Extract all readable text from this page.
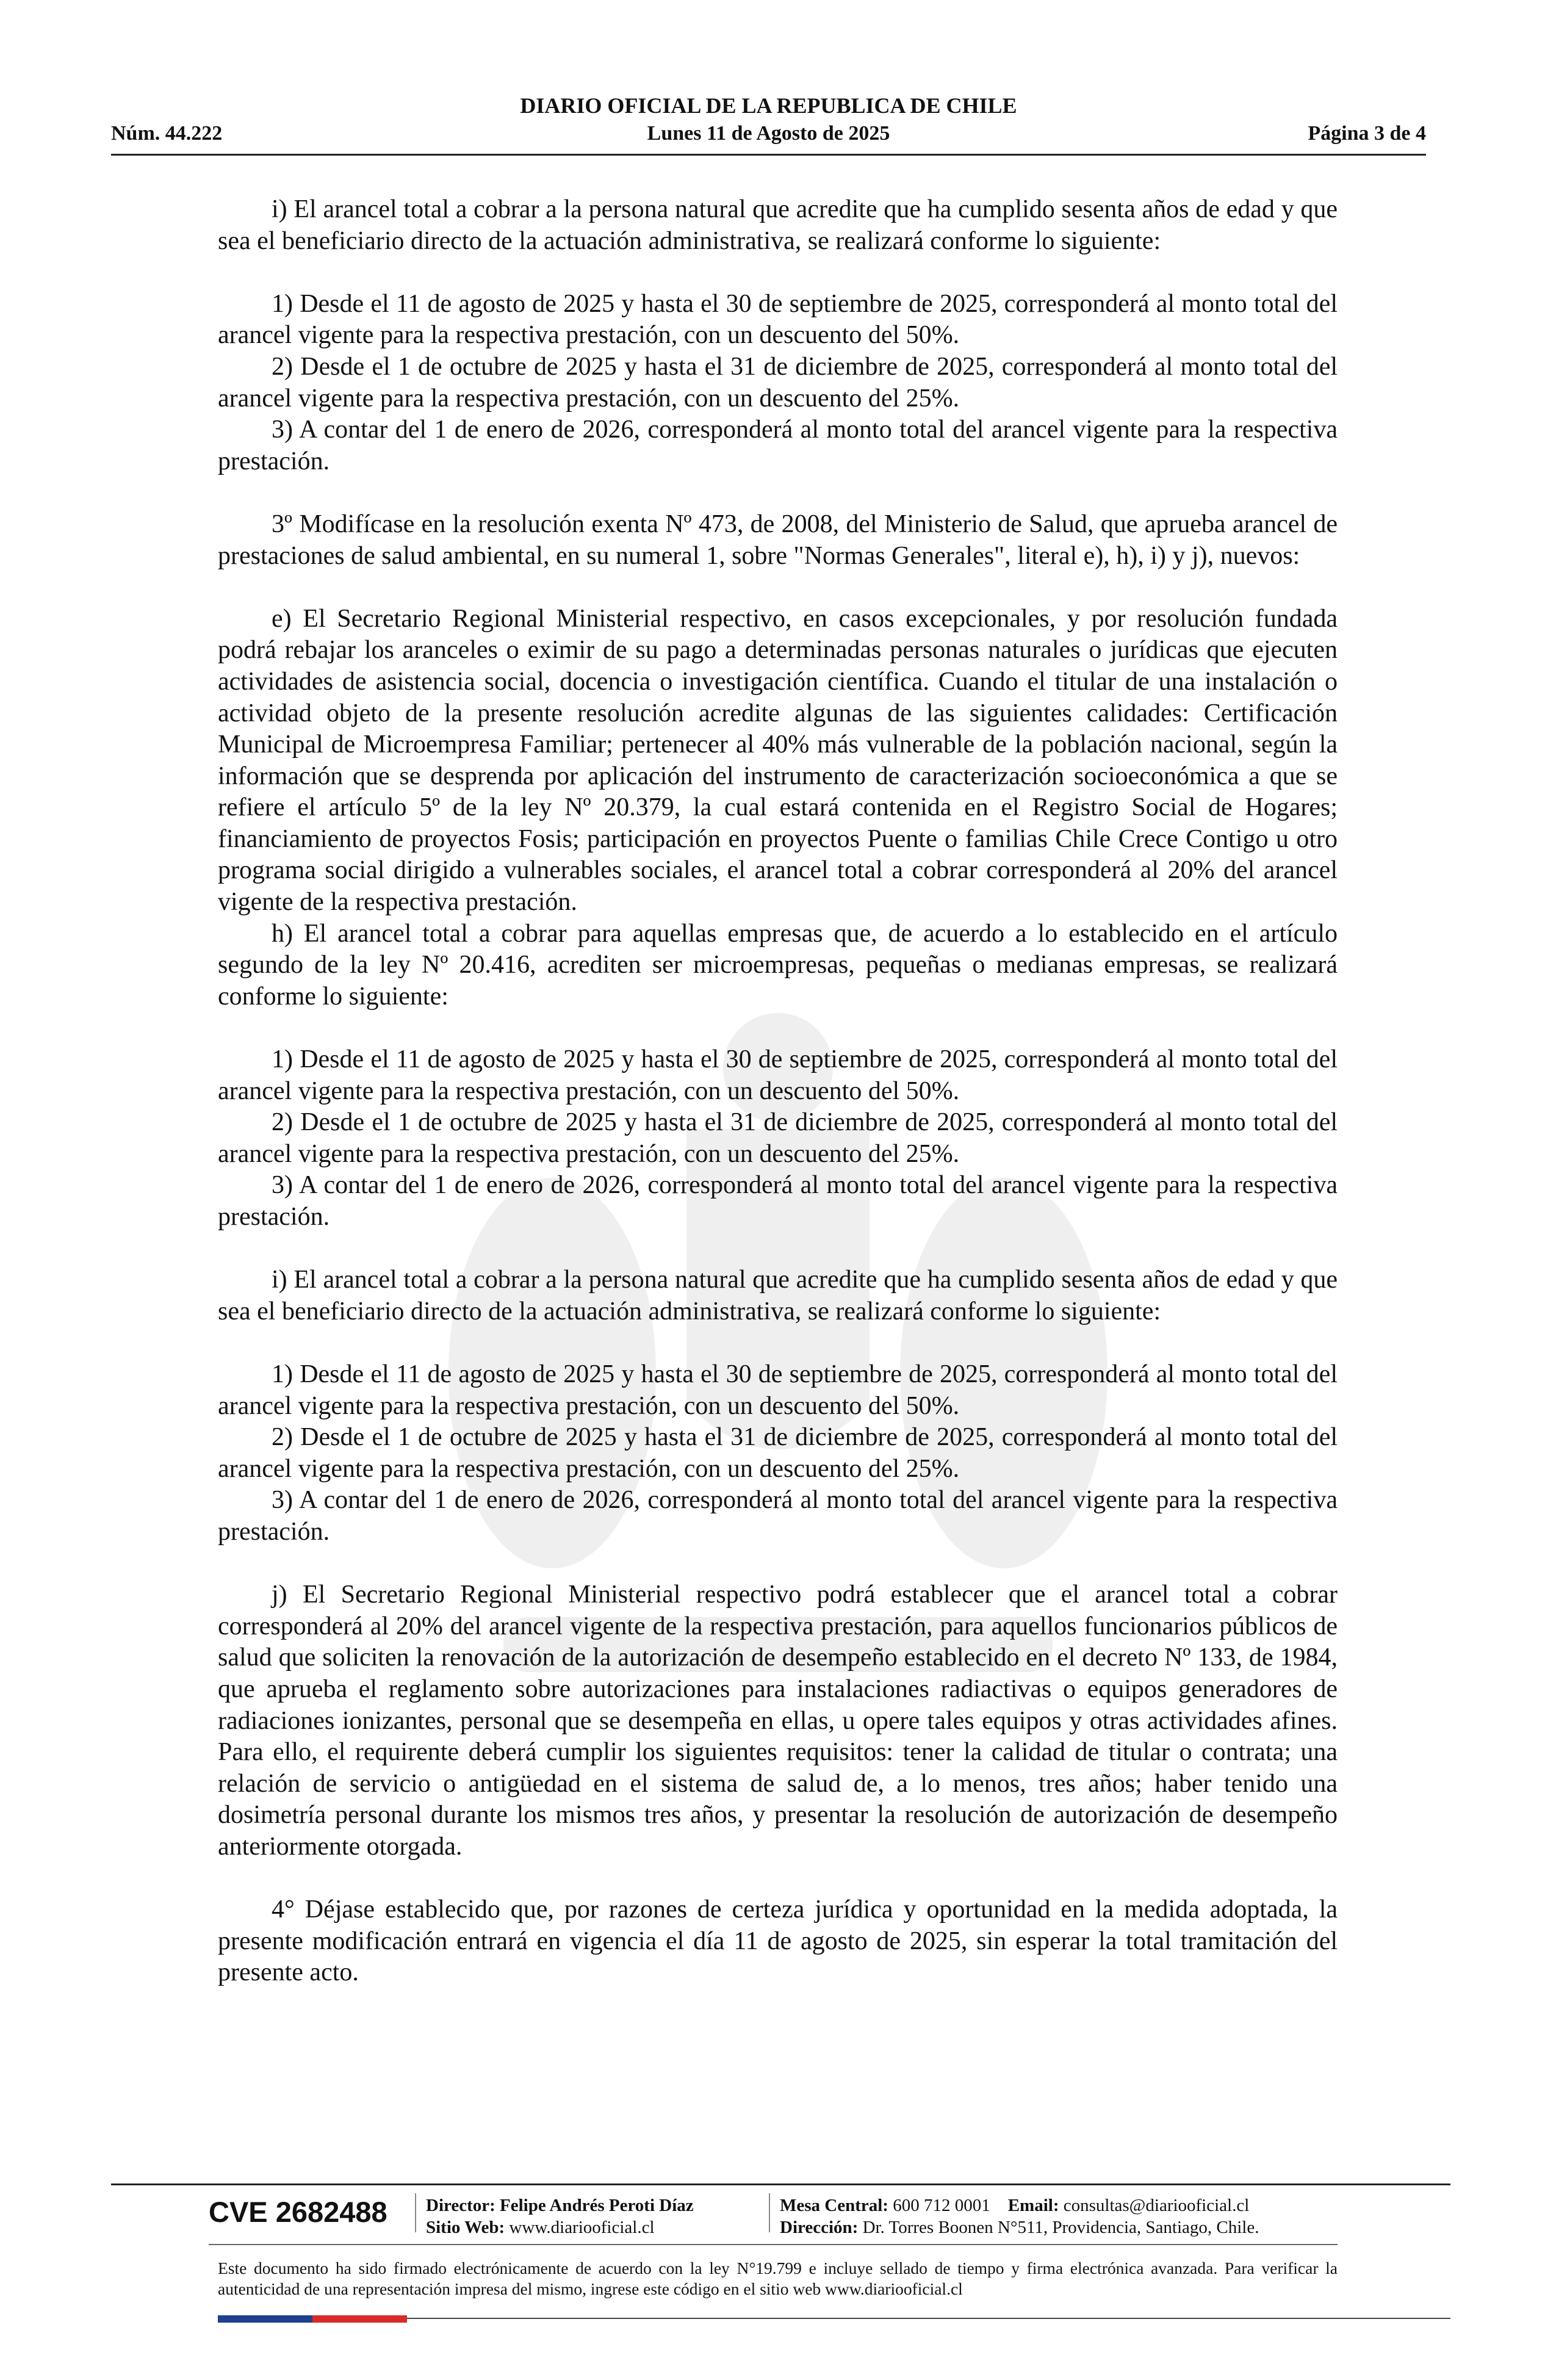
DIARIO OFICIAL DE LA REPUBLICA DE CHILE
Núm. 44.222	Lunes 11 de Agosto de 2025	Página 3 de 4

i) El arancel total a cobrar a la persona natural que acredite que ha cumplido sesenta años de edad y que sea el beneficiario directo de la actuación administrativa, se realizará conforme lo siguiente:

1) Desde el 11 de agosto de 2025 y hasta el 30 de septiembre de 2025, corresponderá al monto total del arancel vigente para la respectiva prestación, con un descuento del 50%.

2) Desde el 1 de octubre de 2025 y hasta el 31 de diciembre de 2025, corresponderá al monto total del arancel vigente para la respectiva prestación, con un descuento del 25%.

3) A contar del 1 de enero de 2026, corresponderá al monto total del arancel vigente para la respectiva prestación.

3º Modifícase en la resolución exenta Nº 473, de 2008, del Ministerio de Salud, que aprueba arancel de prestaciones de salud ambiental, en su numeral 1, sobre "Normas Generales", literal e), h), i) y j), nuevos:

e) El Secretario Regional Ministerial respectivo, en casos excepcionales, y por resolución fundada podrá rebajar los aranceles o eximir de su pago a determinadas personas naturales o jurídicas que ejecuten actividades de asistencia social, docencia o investigación científica. Cuando el titular de una instalación o actividad objeto de la presente resolución acredite algunas de las siguientes calidades: Certificación Municipal de Microempresa Familiar; pertenecer al 40% más vulnerable de la población nacional, según la información que se desprenda por aplicación del instrumento de caracterización socioeconómica a que se refiere el artículo 5º de la ley Nº 20.379, la cual estará contenida en el Registro Social de Hogares; financiamiento de proyectos Fosis; participación en proyectos Puente o familias Chile Crece Contigo u otro programa social dirigido a vulnerables sociales, el arancel total a cobrar corresponderá al 20% del arancel vigente de la respectiva prestación.

h) El arancel total a cobrar para aquellas empresas que, de acuerdo a lo establecido en el artículo segundo de la ley Nº 20.416, acrediten ser microempresas, pequeñas o medianas empresas, se realizará conforme lo siguiente:

1) Desde el 11 de agosto de 2025 y hasta el 30 de septiembre de 2025, corresponderá al monto total del arancel vigente para la respectiva prestación, con un descuento del 50%.

2) Desde el 1 de octubre de 2025 y hasta el 31 de diciembre de 2025, corresponderá al monto total del arancel vigente para la respectiva prestación, con un descuento del 25%.

3) A contar del 1 de enero de 2026, corresponderá al monto total del arancel vigente para la respectiva prestación.

i) El arancel total a cobrar a la persona natural que acredite que ha cumplido sesenta años de edad y que sea el beneficiario directo de la actuación administrativa, se realizará conforme lo siguiente:

1) Desde el 11 de agosto de 2025 y hasta el 30 de septiembre de 2025, corresponderá al monto total del arancel vigente para la respectiva prestación, con un descuento del 50%.

2) Desde el 1 de octubre de 2025 y hasta el 31 de diciembre de 2025, corresponderá al monto total del arancel vigente para la respectiva prestación, con un descuento del 25%.

3) A contar del 1 de enero de 2026, corresponderá al monto total del arancel vigente para la respectiva prestación.

j) El Secretario Regional Ministerial respectivo podrá establecer que el arancel total a cobrar corresponderá al 20% del arancel vigente de la respectiva prestación, para aquellos funcionarios públicos de salud que soliciten la renovación de la autorización de desempeño establecido en el decreto Nº 133, de 1984, que aprueba el reglamento sobre autorizaciones para instalaciones radiactivas o equipos generadores de radiaciones ionizantes, personal que se desempeña en ellas, u opere tales equipos y otras actividades afines. Para ello, el requirente deberá cumplir los siguientes requisitos: tener la calidad de titular o contrata; una relación de servicio o antigüedad en el sistema de salud de, a lo menos, tres años; haber tenido una dosimetría personal durante los mismos tres años, y presentar la resolución de autorización de desempeño anteriormente otorgada.

4° Déjase establecido que, por razones de certeza jurídica y oportunidad en la medida adoptada, la presente modificación entrará en vigencia el día 11 de agosto de 2025, sin esperar la total tramitación del presente acto.

CVE 2682488	Director: Felipe Andrés Peroti Díaz
Sitio Web: www.diariooficial.cl
Mesa Central: 600 712 0001 Email: consultas@diariooficial.cl
Dirección: Dr. Torres Boonen N°511, Providencia, Santiago, Chile.
Este documento ha sido firmado electrónicamente de acuerdo con la ley N°19.799 e incluye sellado de tiempo y firma electrónica avanzada. Para verificar la autenticidad de una representación impresa del mismo, ingrese este código en el sitio web www.diariooficial.cl
